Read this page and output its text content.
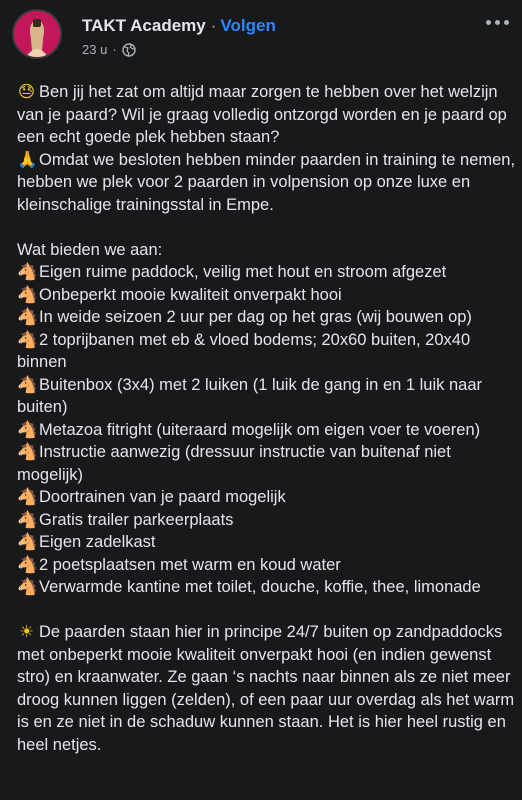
TAKT Academy · Volgen
23 u ·

😓 Ben jij het zat om altijd maar zorgen te hebben over het welzijn van je paard? Wil je graag volledig ontzorgd worden en je paard op een echt goede plek hebben staan?

🙏Omdat we besloten hebben minder paarden in training te nemen, hebben we plek voor 2 paarden in volpension op onze luxe en kleinschalige trainingsstal in Empe.

Wat bieden we aan:

🐴Eigen ruime paddock, veilig met hout en stroom afgezet

🐴Onbeperkt mooie kwaliteit onverpakt hooi

🐴In weide seizoen 2 uur per dag op het gras (wij bouwen op)

🐴2 toprijbanen met eb & vloed bodems; 20x60 buiten, 20x40 binnen

🐴Buitenbox (3x4) met 2 luiken (1 luik de gang in en 1 luik naar buiten)

🐴Metazoa fitright (uiteraard mogelijk om eigen voer te voeren)

🐴Instructie aanwezig (dressuur instructie van buitenaf niet mogelijk)

🐴Doortrainen van je paard mogelijk

🐴Gratis trailer parkeerplaats

🐴Eigen zadelkast

🐴2 poetsplaatsen met warm en koud water

🐴Verwarmde kantine met toilet, douche, koffie, thee, limonade

☀ De paarden staan hier in principe 24/7 buiten op zandpaddocks met onbeperkt mooie kwaliteit onverpakt hooi (en indien gewenst stro) en kraanwater. Ze gaan ‘s nachts naar binnen als ze niet meer droog kunnen liggen (zelden), of een paar uur overdag als het warm is en ze niet in de schaduw kunnen staan. Het is hier heel rustig en heel netjes.
